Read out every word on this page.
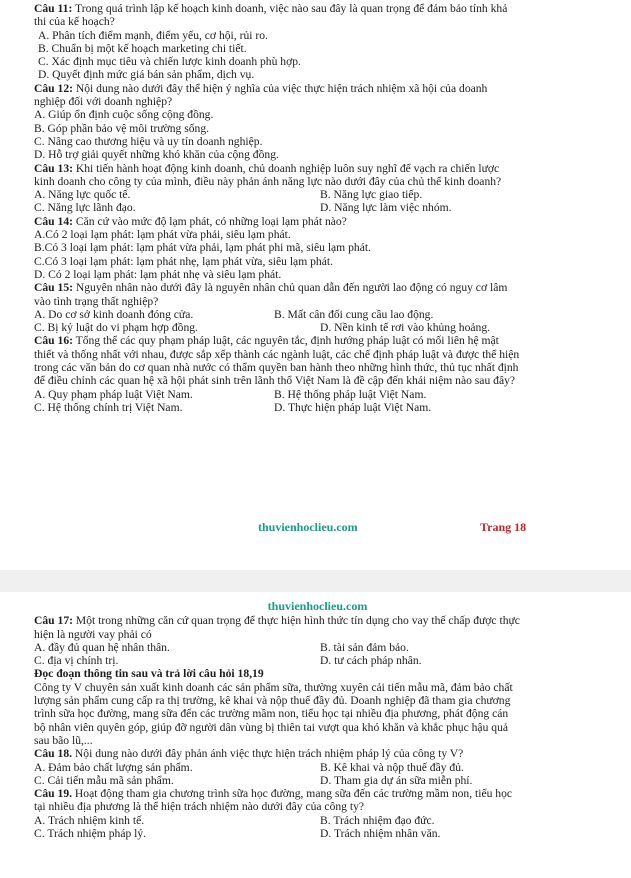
Câu 11: Trong quá trình lập kế hoạch kinh doanh, việc nào sau đây là quan trọng để đảm bảo tính khả
thi của kế hoạch?
A. Phân tích điểm mạnh, điểm yếu, cơ hội, rủi ro.
B. Chuẩn bị một kế hoạch marketing chi tiết.
C. Xác định mục tiêu và chiến lược kinh doanh phù hợp.
D. Quyết định mức giá bán sản phẩm, dịch vụ.
Câu 12: Nội dung nào dưới đây thể hiện ý nghĩa của việc thực hiện trách nhiệm xã hội của doanh
nghiệp đối với doanh nghiệp?
A. Giúp ổn định cuộc sống cộng đồng.
B. Góp phần bảo vệ môi trường sống.
C. Nâng cao thương hiệu và uy tín doanh nghiệp.
D. Hỗ trợ giải quyết những khó khăn của cộng đồng.
Câu 13: Khi tiến hành hoạt động kinh doanh, chủ doanh nghiệp luôn suy nghĩ để vạch ra chiến lược
kinh doanh cho công ty của mình, điều này phản ánh năng lực nào dưới đây của chủ thể kinh doanh?
A. Năng lực quốc tế.	B. Năng lực giao tiếp.
C. Năng lực lãnh đạo.	D. Năng lực làm việc nhóm.
Câu 14: Căn cứ vào mức độ lạm phát, có những loại lạm phát nào?
A.Có 2 loại lạm phát: lạm phát vừa phải, siêu lạm phát.
B.Có 3 loại lạm phát: lạm phát vừa phải, lạm phát phi mã, siêu lạm phát.
C.Có 3 loại lạm phát: lạm phát nhẹ, lạm phát vừa, siêu lạm phát.
D. Có 2 loại lạm phát: lạm phát nhẹ và siêu lạm phát.
Câu 15: Nguyên nhân nào dưới đây là nguyên nhân chủ quan dẫn đến người lao động có nguy cơ lâm
vào tình trạng thất nghiệp?
A. Do cơ sở kinh doanh đóng cửa.	B. Mất cân đối cung cầu lao động.
C. Bị kỷ luật do vi phạm hợp đồng.	D. Nền kinh tế rơi vào khủng hoảng.
Câu 16: Tổng thể các quy phạm pháp luật, các nguyên tắc, định hướng pháp luật có mối liên hệ mật
thiết và thống nhất với nhau, được sắp xếp thành các ngành luật, các chế định pháp luật và được thể hiện
trong các văn bản do cơ quan nhà nước có thẩm quyền ban hành theo những hình thức, thủ tục nhất định
để điều chỉnh các quan hệ xã hội phát sinh trên lãnh thổ Việt Nam là đề cập đến khái niệm nào sau đây?
A. Quy phạm pháp luật Việt Nam.	B. Hệ thống pháp luật Việt Nam.
C. Hệ thống chính trị Việt Nam.	D. Thực hiện pháp luật Việt Nam.
thuvienhoclieu.com	Trang 18
thuvienhoclieu.com
Câu 17: Một trong những căn cứ quan trọng để thực hiện hình thức tín dụng cho vay thế chấp được thực
hiện là người vay phải có
A. đầy đủ quan hệ nhân thân.	B. tài sản đảm bảo.
C. địa vị chính trị.	D. tư cách pháp nhân.
Đọc đoạn thông tin sau và trả lời câu hỏi 18,19
Công ty V chuyên sản xuất kinh doanh các sản phẩm sữa, thường xuyên cải tiến mẫu mã, đảm bảo chất
lượng sản phẩm cung cấp ra thị trường, kê khai và nộp thuế đầy đủ. Doanh nghiệp đã tham gia chương
trình sữa học đường, mang sữa đến các trường mầm non, tiểu học tại nhiều địa phương, phát động cán
bộ nhân viên quyên góp, giúp đỡ người dân vùng bị thiên tai vượt qua khó khăn và khắc phục hậu quả
sau bão lũ,...
Câu 18. Nội dung nào dưới đây phản ánh việc thực hiện trách nhiệm pháp lý của công ty V?
A. Đảm bảo chất lượng sản phẩm.	B. Kê khai và nộp thuế đầy đủ.
C. Cải tiến mẫu mã sản phẩm.	D. Tham gia dự án sữa miễn phí.
Câu 19. Hoạt động tham gia chương trình sữa học đường, mang sữa đến các trường mầm non, tiểu học
tại nhiều địa phương là thể hiện trách nhiệm nào dưới đây của công ty?
A. Trách nhiệm kinh tế.	B. Trách nhiệm đạo đức.
C. Trách nhiệm pháp lý.	D. Trách nhiệm nhân văn.
